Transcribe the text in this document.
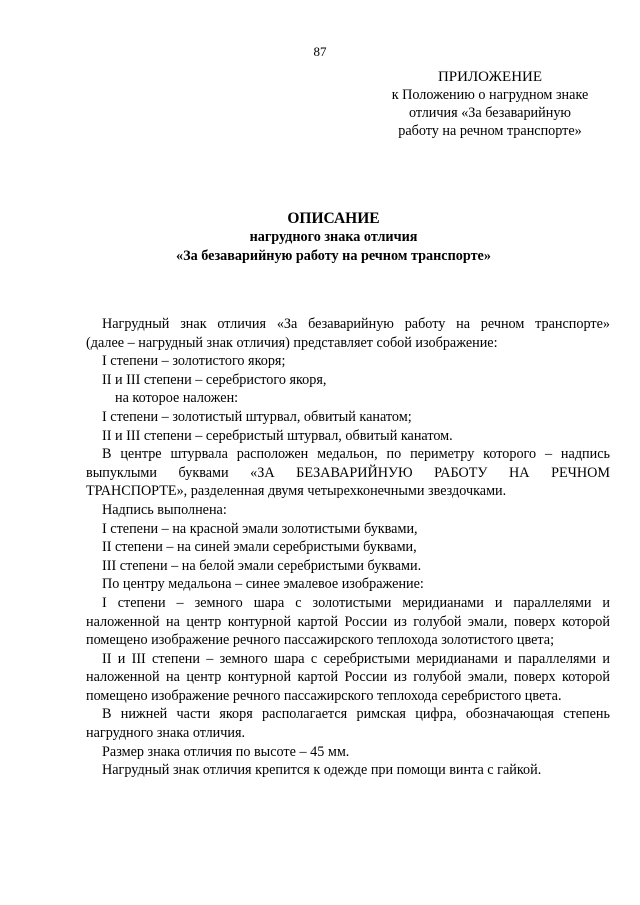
87
ПРИЛОЖЕНИЕ
к Положению о нагрудном знаке
отличия «За безаварийную
работу на речном транспорте»
ОПИСАНИЕ
нагрудного знака отличия
«За безаварийную работу на речном транспорте»

Нагрудный знак отличия «За безаварийную работу на речном транспорте»

(далее – нагрудный знак отличия) представляет собой изображение:

I степени – золотистого якоря;

II и III степени – серебристого якоря,

на которое наложен:

I степени – золотистый штурвал, обвитый канатом;

II и III степени – серебристый штурвал, обвитый канатом.

В центре штурвала расположен медальон, по периметру которого – надпись

выпуклыми буквами «ЗА БЕЗАВАРИЙНУЮ РАБОТУ НА РЕЧНОМ

ТРАНСПОРТЕ», разделенная двумя четырехконечными звездочками.

Надпись выполнена:

I степени – на красной эмали золотистыми буквами,

II степени – на синей эмали серебристыми буквами,

III степени – на белой эмали серебристыми буквами.

По центру медальона – синее эмалевое изображение:

I степени – земного шара с золотистыми меридианами и параллелями и

наложенной на центр контурной картой России из голубой эмали, поверх которой

помещено изображение речного пассажирского теплохода золотистого цвета;

II и III степени – земного шара с серебристыми меридианами и параллелями и

наложенной на центр контурной картой России из голубой эмали, поверх которой

помещено изображение речного пассажирского теплохода серебристого цвета.

В нижней части якоря располагается римская цифра, обозначающая степень

нагрудного знака отличия.

Размер знака отличия по высоте – 45 мм.

Нагрудный знак отличия крепится к одежде при помощи винта с гайкой.
